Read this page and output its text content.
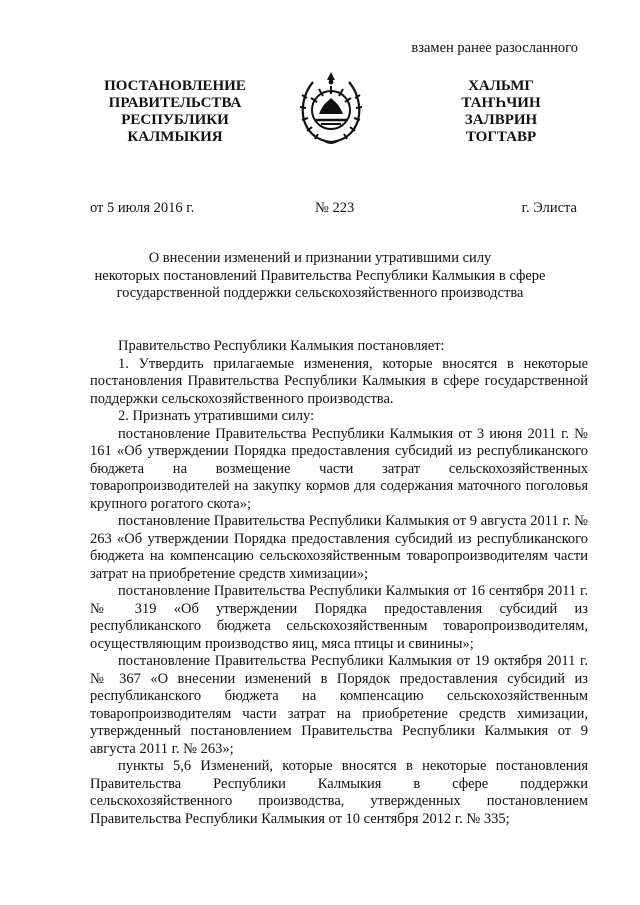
взамен ранее разосланного
ПОСТАНОВЛЕНИЕ
ПРАВИТЕЛЬСТВА
РЕСПУБЛИКИ
КАЛМЫКИЯ
ХАЛЬМГ
ТАҤҺЧИН
ЗАЛВРИН
ТОГТАВР
от 5 июля 2016 г.	№ 223	г. Элиста
О внесении изменений и признании утратившими силу
некоторых постановлений Правительства Республики Калмыкия в сфере
государственной поддержки сельскохозяйственного производства

Правительство Республики Калмыкия постановляет:

1. Утвердить прилагаемые изменения, которые вносятся в некоторые постановления Правительства Республики Калмыкия в сфере государственной поддержки сельскохозяйственного производства.

2. Признать утратившими силу:

постановление Правительства Республики Калмыкия от 3 июня 2011 г. № 161 «Об утверждении Порядка предоставления субсидий из республиканского бюджета на возмещение части затрат сельскохозяйственных товаропроизводителей на закупку кормов для содержания маточного поголовья крупного рогатого скота»;

постановление Правительства Республики Калмыкия от 9 августа 2011 г. № 263 «Об утверждении Порядка предоставления субсидий из республиканского бюджета на компенсацию сельскохозяйственным товаропроизводителям части затрат на приобретение средств химизации»;

постановление Правительства Республики Калмыкия от 16 сентября 2011 г. № 319 «Об утверждении Порядка предоставления субсидий из республиканского бюджета сельскохозяйственным товаропроизводителям, осуществляющим производство яиц, мяса птицы и свинины»;

постановление Правительства Республики Калмыкия от 19 октября 2011 г. № 367 «О внесении изменений в Порядок предоставления субсидий из республиканского бюджета на компенсацию сельскохозяйственным товаропроизводителям части затрат на приобретение средств химизации, утвержденный постановлением Правительства Республики Калмыкия от 9 августа 2011 г. № 263»;

пункты 5,6 Изменений, которые вносятся в некоторые постановления Правительства Республики Калмыкия в сфере поддержки сельскохозяйственного производства, утвержденных постановлением Правительства Республики Калмыкия от 10 сентября 2012 г. № 335;
